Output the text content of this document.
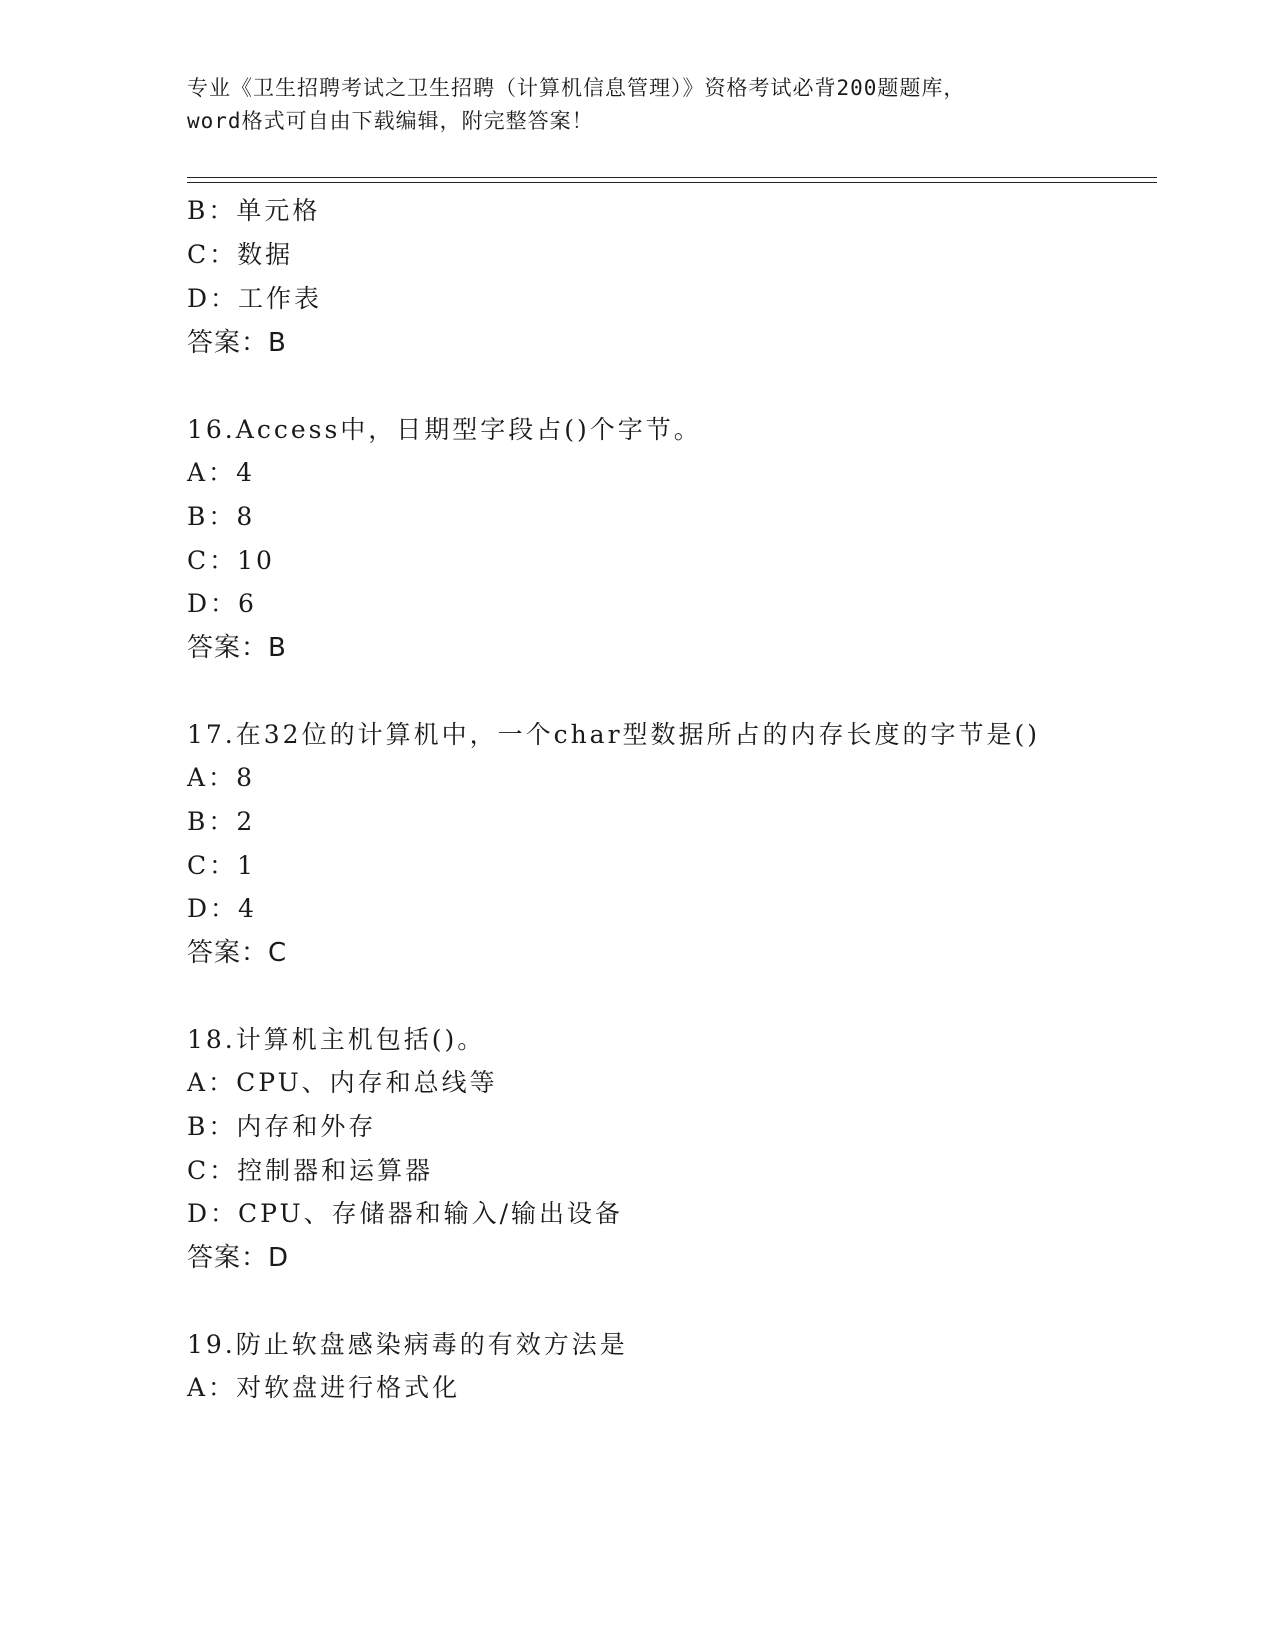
专业《卫生招聘考试之卫生招聘（计算机信息管理）》资格考试必背200题题库，
word格式可自由下载编辑，附完整答案！
B：单元格
C：数据
D：工作表
答案：B
16.Access中，日期型字段占()个字节。
A：4
B：8
C：10
D：6
答案：B
17.在32位的计算机中，一个char型数据所占的内存长度的字节是()
A：8
B：2
C：1
D：4
答案：C
18.计算机主机包括()。
A：CPU、内存和总线等
B：内存和外存
C：控制器和运算器
D：CPU、存储器和输入/输出设备
答案：D
19.防止软盘感染病毒的有效方法是
A：对软盘进行格式化
